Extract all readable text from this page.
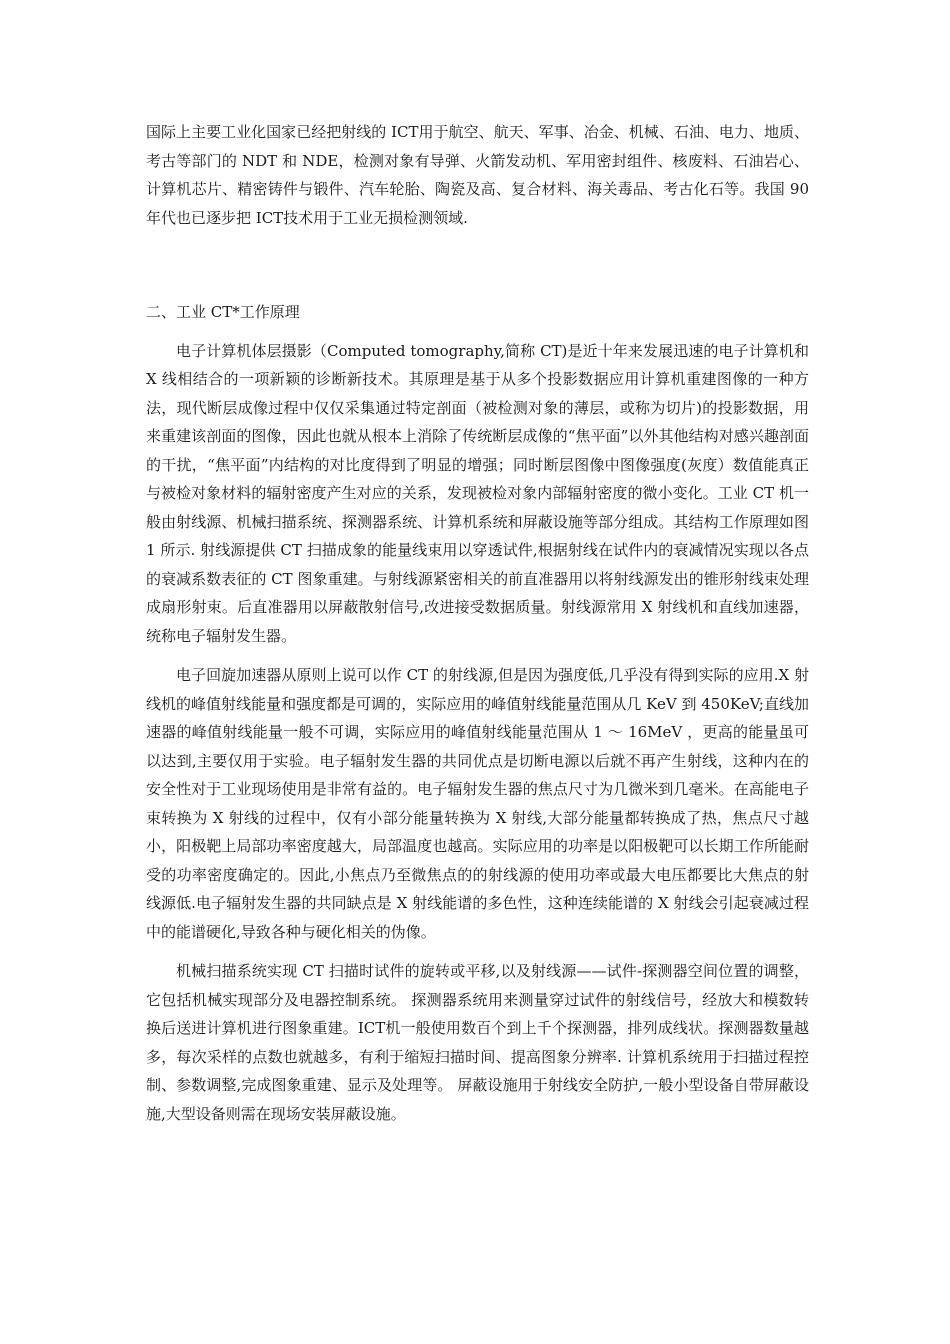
国际上主要工业化国家已经把射线的 ICT用于航空、航天、军事、冶金、机械、石油、电力、地质、考古等部门的 NDT 和 NDE，检测对象有导弹、火箭发动机、军用密封组件、核废料、石油岩心、计算机芯片、精密铸件与锻件、汽车轮胎、陶瓷及高、复合材料、海关毒品、考古化石等。我国 90 年代也已逐步把 ICT技术用于工业无损检测领域.

二、工业 CT*工作原理

电子计算机体层摄影（Computed tomography,简称 CT)是近十年来发展迅速的电子计算机和 X 线相结合的一项新颖的诊断新技术。其原理是基于从多个投影数据应用计算机重建图像的一种方法，现代断层成像过程中仅仅采集通过特定剖面（被检测对象的薄层，或称为切片)的投影数据，用来重建该剖面的图像，因此也就从根本上消除了传统断层成像的“焦平面”以外其他结构对感兴趣剖面的干扰，“焦平面”内结构的对比度得到了明显的增强；同时断层图像中图像强度(灰度）数值能真正与被检对象材料的辐射密度产生对应的关系，发现被检对象内部辐射密度的微小变化。工业 CT 机一般由射线源、机械扫描系统、探测器系统、计算机系统和屏蔽设施等部分组成。其结构工作原理如图 1 所示. 射线源提供 CT 扫描成象的能量线束用以穿透试件,根据射线在试件内的衰减情况实现以各点的衰减系数表征的 CT 图象重建。与射线源紧密相关的前直准器用以将射线源发出的锥形射线束处理成扇形射束。后直准器用以屏蔽散射信号,改进接受数据质量。射线源常用 X 射线机和直线加速器，统称电子辐射发生器。

电子回旋加速器从原则上说可以作 CT 的射线源,但是因为强度低,几乎没有得到实际的应用.X 射线机的峰值射线能量和强度都是可调的，实际应用的峰值射线能量范围从几 KeV 到 450KeV;直线加速器的峰值射线能量一般不可调，实际应用的峰值射线能量范围从 1 ～ 16MeV ，更高的能量虽可以达到,主要仅用于实验。电子辐射发生器的共同优点是切断电源以后就不再产生射线，这种内在的安全性对于工业现场使用是非常有益的。电子辐射发生器的焦点尺寸为几微米到几毫米。在高能电子束转换为 X 射线的过程中，仅有小部分能量转换为 X 射线,大部分能量都转换成了热，焦点尺寸越小，阳极靶上局部功率密度越大，局部温度也越高。实际应用的功率是以阳极靶可以长期工作所能耐受的功率密度确定的。因此,小焦点乃至微焦点的的射线源的使用功率或最大电压都要比大焦点的射线源低.电子辐射发生器的共同缺点是 X 射线能谱的多色性，这种连续能谱的 X 射线会引起衰减过程中的能谱硬化,导致各种与硬化相关的伪像。

机械扫描系统实现 CT 扫描时试件的旋转或平移,以及射线源——试件-探测器空间位置的调整，它包括机械实现部分及电器控制系统。 探测器系统用来测量穿过试件的射线信号，经放大和模数转换后送进计算机进行图象重建。ICT机一般使用数百个到上千个探测器，排列成线状。探测器数量越多，每次采样的点数也就越多，有利于缩短扫描时间、提高图象分辨率. 计算机系统用于扫描过程控制、参数调整,完成图象重建、显示及处理等。 屏蔽设施用于射线安全防护,一般小型设备自带屏蔽设施,大型设备则需在现场安装屏蔽设施。
